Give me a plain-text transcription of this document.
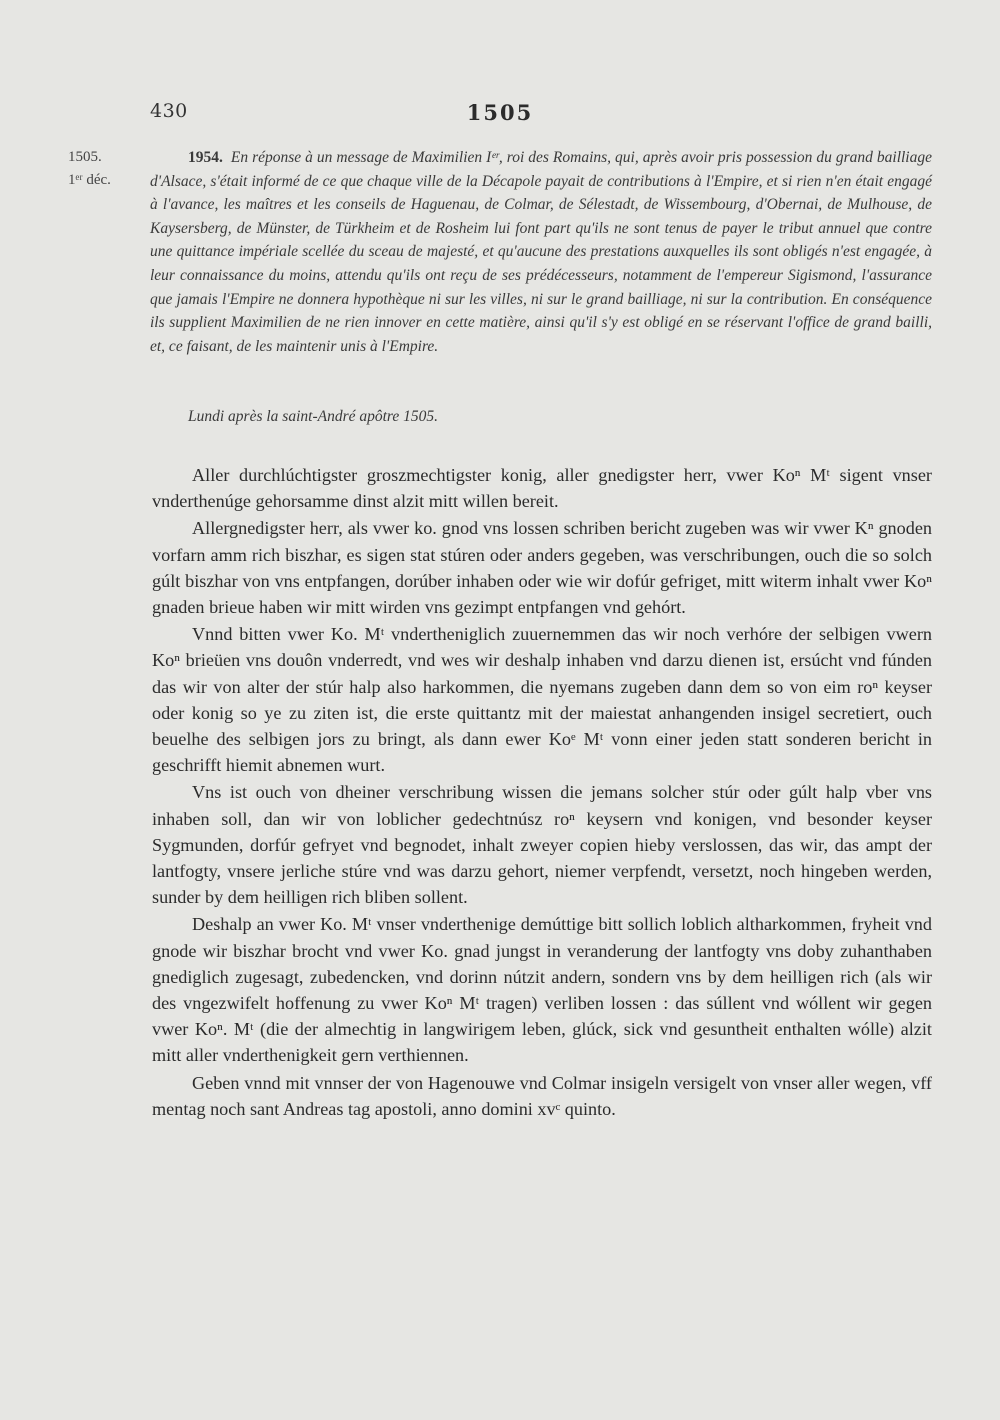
430	1505
1505.
1ᵉʳ déc.
1954. En réponse à un message de Maximilien Iᵉʳ, roi des Romains, qui, après avoir pris possession du grand bailliage d'Alsace, s'était informé de ce que chaque ville de la Décapole payait de contributions à l'Empire, et si rien n'en était engagé à l'avance, les maîtres et les conseils de Haguenau, de Colmar, de Sélestadt, de Wissembourg, d'Obernai, de Mulhouse, de Kaysersberg, de Münster, de Türkheim et de Rosheim lui font part qu'ils ne sont tenus de payer le tribut annuel que contre une quittance impériale scellée du sceau de majesté, et qu'aucune des prestations auxquelles ils sont obligés n'est engagée, à leur connaissance du moins, attendu qu'ils ont reçu de ses prédécesseurs, notamment de l'empereur Sigismond, l'assurance que jamais l'Empire ne donnera hypothèque ni sur les villes, ni sur le grand bailliage, ni sur la contribution. En conséquence ils supplient Maximilien de ne rien innover en cette matière, ainsi qu'il s'y est obligé en se réservant l'office de grand bailli, et, ce faisant, de les maintenir unis à l'Empire.
Lundi après la saint-André apôtre 1505.

Aller durchlúchtigster groszmechtigster konig, aller gnedigster herr, vwer Koⁿ Mᵗ sigent vnser vnderthenúge gehorsamme dinst alzit mitt willen bereit.

Allergnedigster herr, als vwer ko. gnod vns lossen schriben bericht zugeben was wir vwer Kⁿ gnoden vorfarn amm rich biszhar, es sigen stat stúren oder anders gegeben, was verschribungen, ouch die so solch gúlt biszhar von vns entpfangen, dorúber inhaben oder wie wir dofúr gefriget, mitt witerm inhalt vwer Koⁿ gnaden brieue haben wir mitt wirden vns gezimpt entpfangen vnd gehórt.

Vnnd bitten vwer Ko. Mᵗ vndertheniglich zuuernemmen das wir noch verhóre der selbigen vwern Koⁿ brieüen vns douôn vnderredt, vnd wes wir deshalp inhaben vnd darzu dienen ist, ersúcht vnd fúnden das wir von alter der stúr halp also harkommen, die nyemans zugeben dann dem so von eim roⁿ keyser oder konig so ye zu ziten ist, die erste quittantz mit der maiestat anhangenden insigel secretiert, ouch beuelhe des selbigen jors zu bringt, als dann ewer Koᵉ Mᵗ vonn einer jeden statt sonderen bericht in geschrifft hiemit abnemen wurt.

Vns ist ouch von dheiner verschribung wissen die jemans solcher stúr oder gúlt halp vber vns inhaben soll, dan wir von loblicher gedechtnúsz roⁿ keysern vnd konigen, vnd besonder keyser Sygmunden, dorfúr gefryet vnd begnodet, inhalt zweyer copien hieby verslossen, das wir, das ampt der lantfogty, vnsere jerliche stúre vnd was darzu gehort, niemer verpfendt, versetzt, noch hingeben werden, sunder by dem heilligen rich bliben sollent.

Deshalp an vwer Ko. Mᵗ vnser vnderthenige demúttige bitt sollich loblich altharkommen, fryheit vnd gnode wir biszhar brocht vnd vwer Ko. gnad jungst in veranderung der lantfogty vns doby zuhanthaben gnediglich zugesagt, zubedencken, vnd dorinn nútzit andern, sondern vns by dem heilligen rich (als wir des vngezwifelt hoffenung zu vwer Koⁿ Mᵗ tragen) verliben lossen : das súllent vnd wóllent wir gegen vwer Koⁿ. Mᵗ (die der almechtig in langwirigem leben, glúck, sick vnd gesuntheit enthalten wólle) alzit mitt aller vnderthenigkeit gern verthiennen.

Geben vnnd mit vnnser der von Hagenouwe vnd Colmar insigeln versigelt von vnser aller wegen, vff mentag noch sant Andreas tag apostoli, anno domini xvᶜ quinto.
